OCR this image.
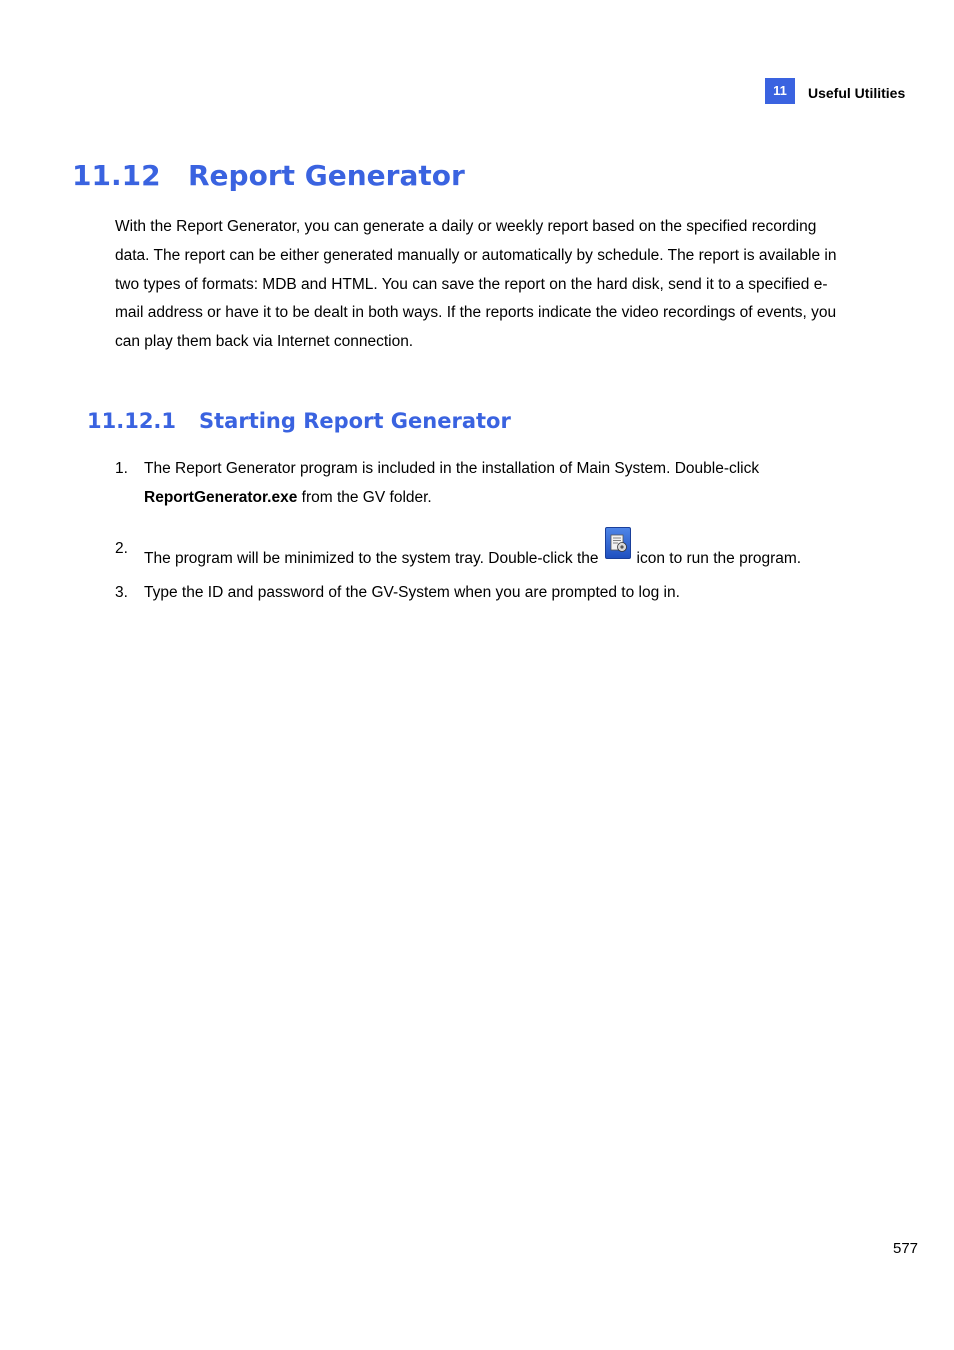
11	Useful Utilities
11.12 Report Generator

With the Report Generator, you can generate a daily or weekly report based on the specified recording data. The report can be either generated manually or automatically by schedule. The report is available in two types of formats: MDB and HTML. You can save the report on the hard disk, send it to a specified e-mail address or have it to be dealt in both ways. If the reports indicate the video recordings of events, you can play them back via Internet connection.

11.12.1 Starting Report Generator
1. The Report Generator program is included in the installation of Main System. Double-click ReportGenerator.exe from the GV folder.
2.
The program will be minimized to the system tray. Double-click the icon to run the program.
3. Type the ID and password of the GV-System when you are prompted to log in.
577
